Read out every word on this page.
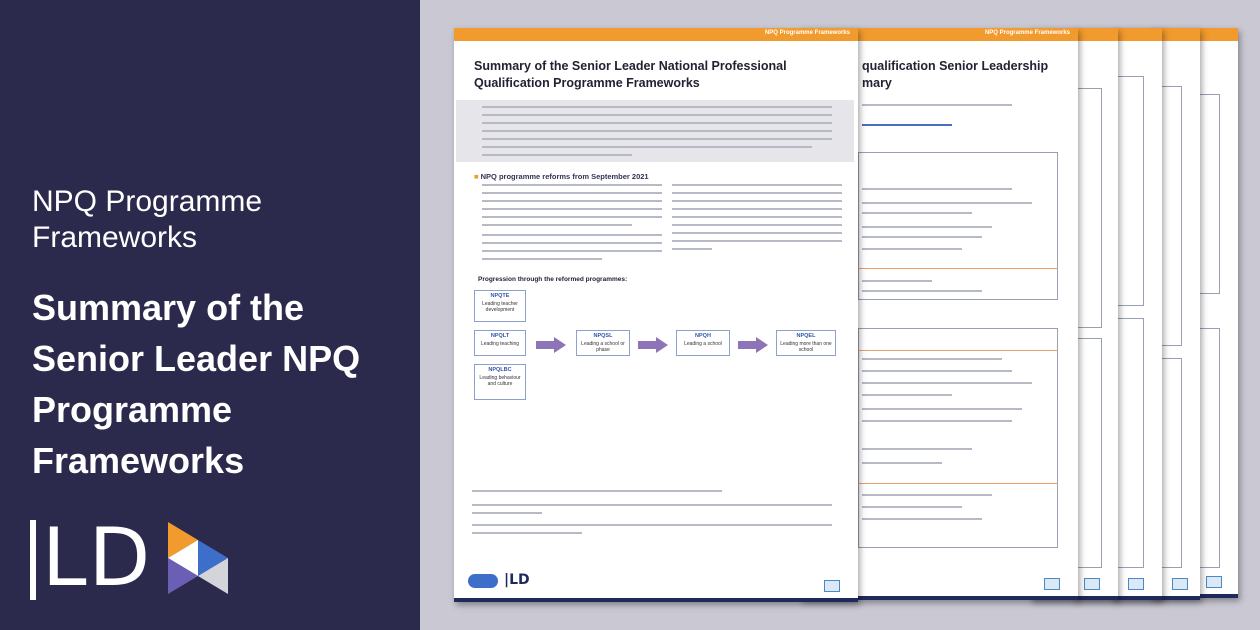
NPQ Programme Frameworks
Summary of the Senior Leader NPQ Programme Frameworks
LD
NPQ Programme Frameworks
qualification Senior Leadership
mary
NPQ Programme Frameworks
Summary of the Senior Leader National Professional Qualification Programme Frameworks
■ NPQ programme reforms from September 2021
Progression through the reformed programmes:
NPQTE
Leading teacher development
NPQLT
Leading teaching
NPQLBC
Leading behaviour and culture
NPQSL
Leading a school or phase
NPQH
Leading a school
NPQEL
Leading more than one school
|LD
